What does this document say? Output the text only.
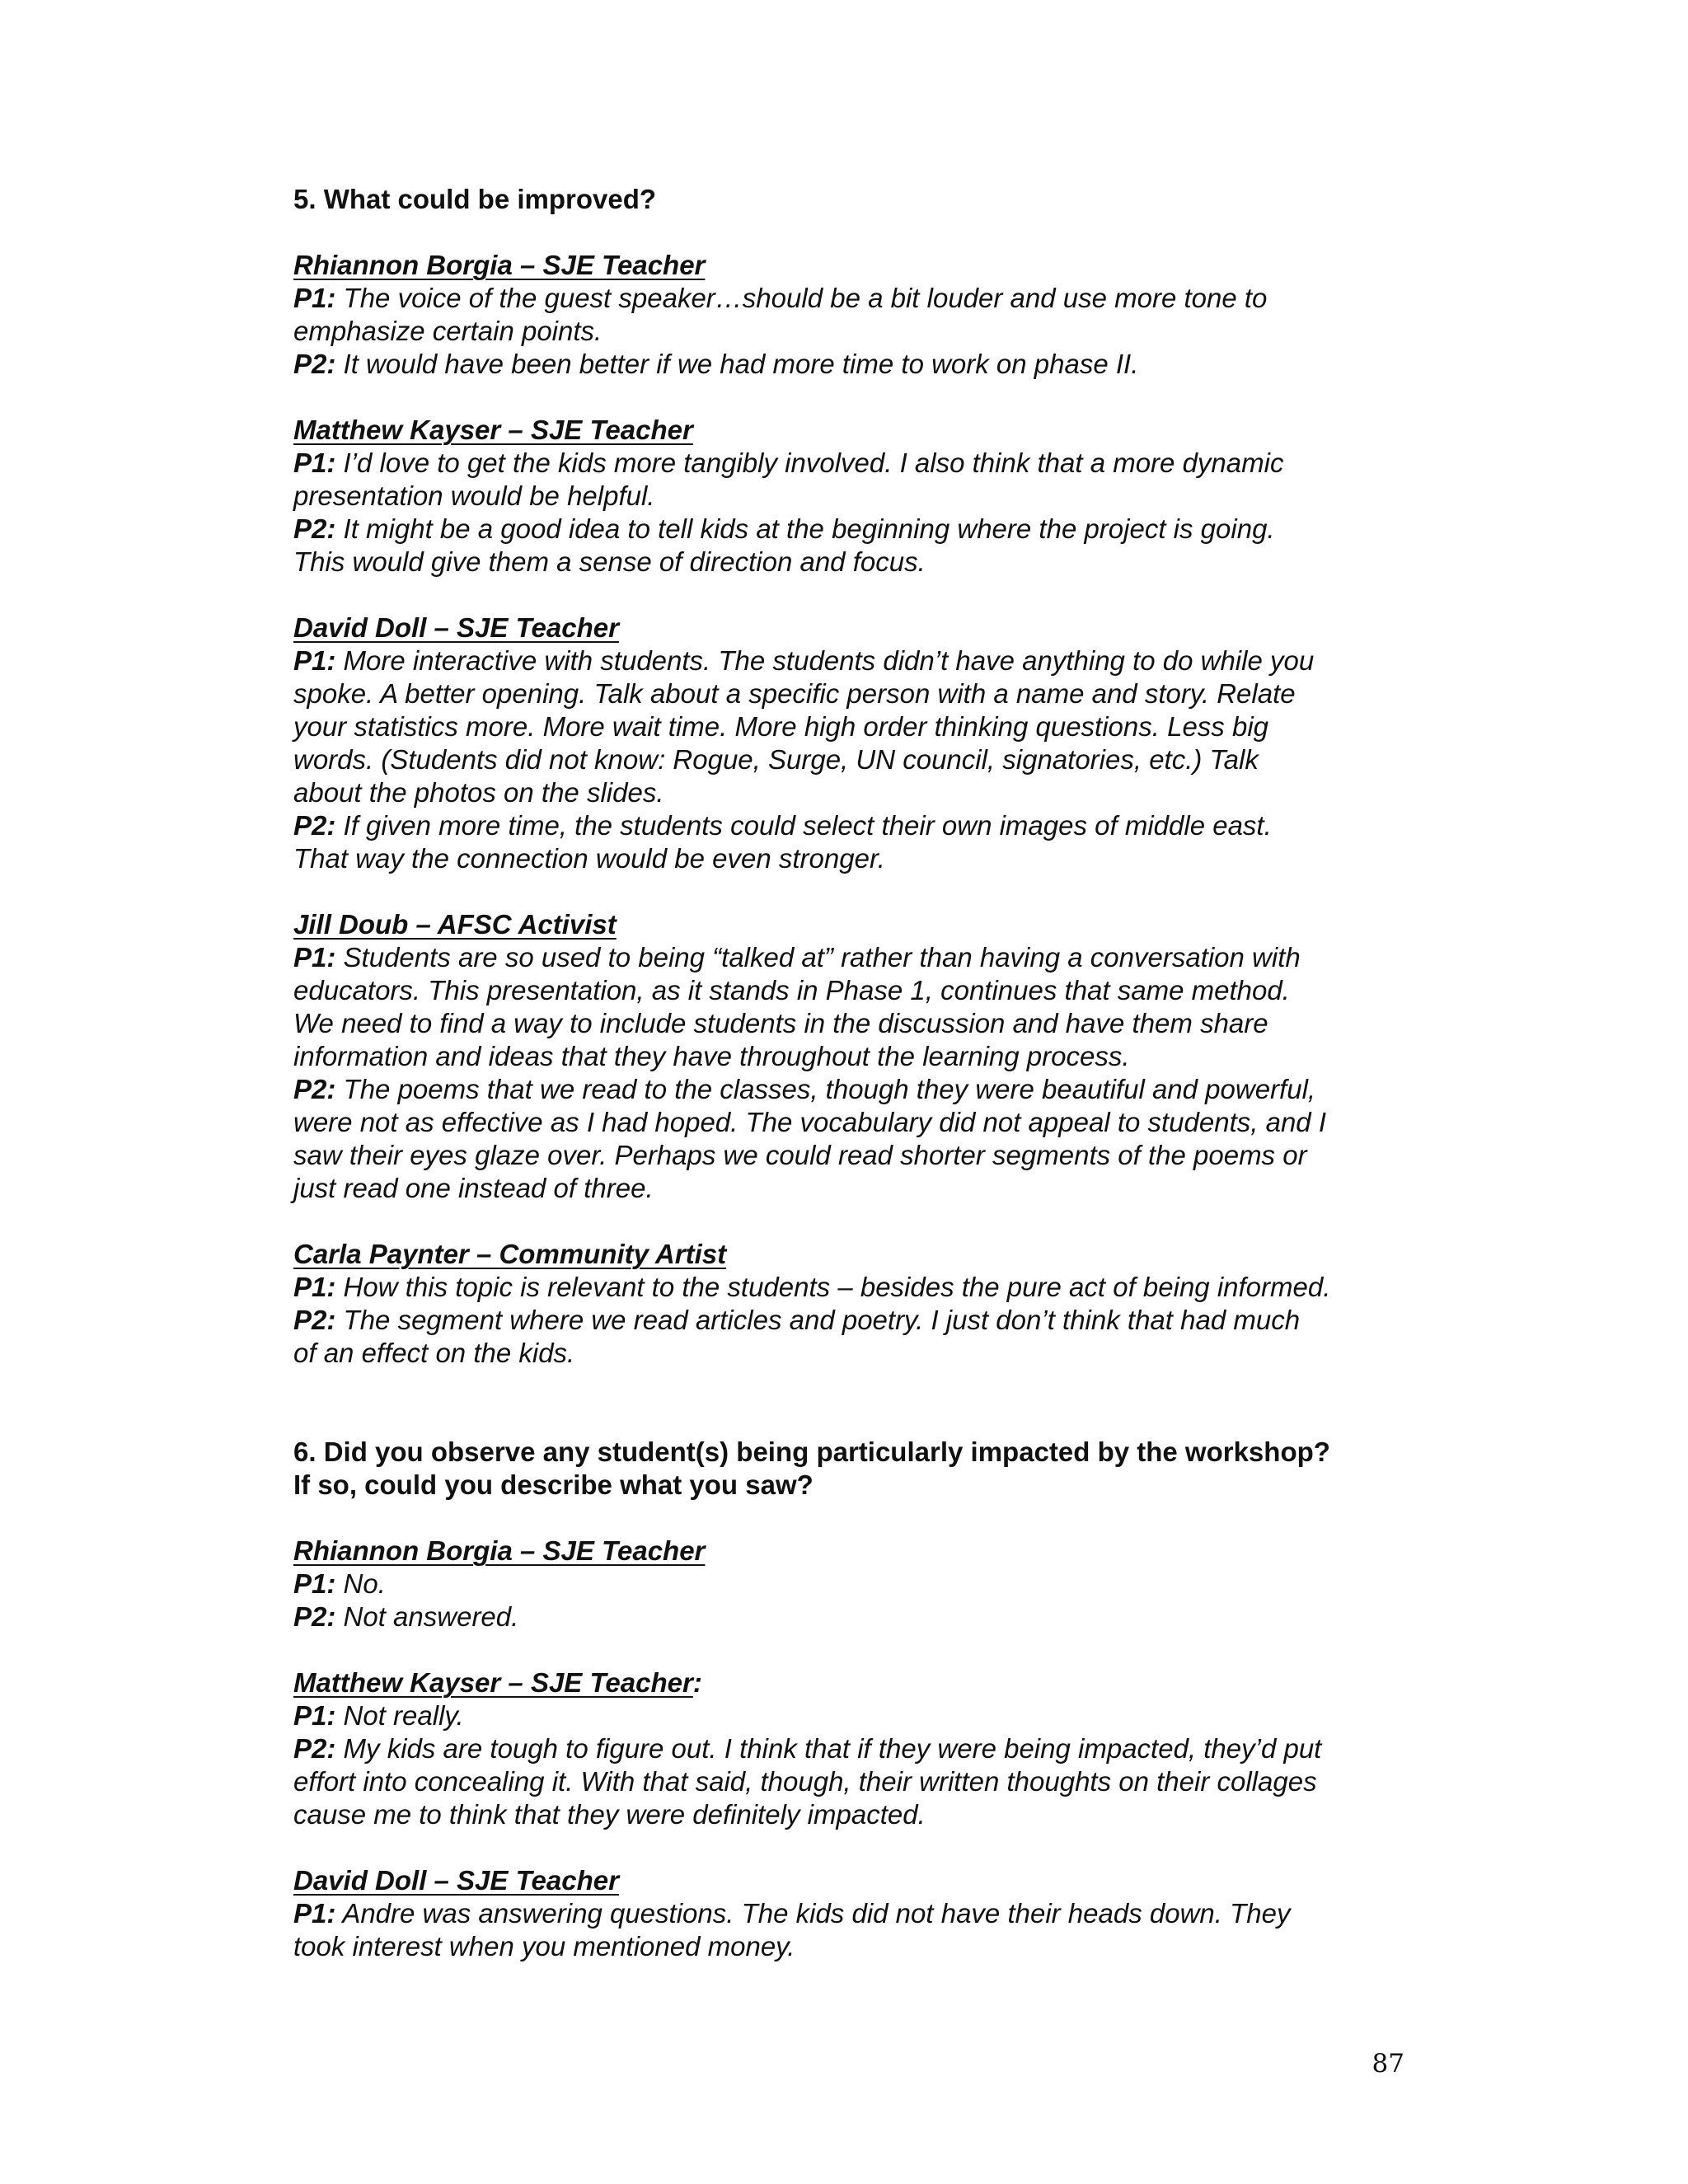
5. What could be improved?
Rhiannon Borgia – SJE Teacher
P1: The voice of the guest speaker…should be a bit louder and use more tone to
emphasize certain points.
P2: It would have been better if we had more time to work on phase II.
Matthew Kayser – SJE Teacher
P1: I’d love to get the kids more tangibly involved. I also think that a more dynamic
presentation would be helpful.
P2: It might be a good idea to tell kids at the beginning where the project is going.
This would give them a sense of direction and focus.
David Doll – SJE Teacher
P1: More interactive with students. The students didn’t have anything to do while you
spoke. A better opening. Talk about a specific person with a name and story. Relate
your statistics more. More wait time. More high order thinking questions. Less big
words. (Students did not know: Rogue, Surge, UN council, signatories, etc.) Talk
about the photos on the slides.
P2: If given more time, the students could select their own images of middle east.
That way the connection would be even stronger.
Jill Doub – AFSC Activist
P1: Students are so used to being “talked at” rather than having a conversation with
educators. This presentation, as it stands in Phase 1, continues that same method.
We need to find a way to include students in the discussion and have them share
information and ideas that they have throughout the learning process.
P2: The poems that we read to the classes, though they were beautiful and powerful,
were not as effective as I had hoped. The vocabulary did not appeal to students, and I
saw their eyes glaze over. Perhaps we could read shorter segments of the poems or
just read one instead of three.
Carla Paynter – Community Artist
P1: How this topic is relevant to the students – besides the pure act of being informed.
P2: The segment where we read articles and poetry. I just don’t think that had much
of an effect on the kids.
6. Did you observe any student(s) being particularly impacted by the workshop?
If so, could you describe what you saw?
Rhiannon Borgia – SJE Teacher
P1: No.
P2: Not answered.
Matthew Kayser – SJE Teacher:
P1: Not really.
P2: My kids are tough to figure out. I think that if they were being impacted, they’d put
effort into concealing it. With that said, though, their written thoughts on their collages
cause me to think that they were definitely impacted.
David Doll – SJE Teacher
P1: Andre was answering questions. The kids did not have their heads down. They
took interest when you mentioned money.
87
